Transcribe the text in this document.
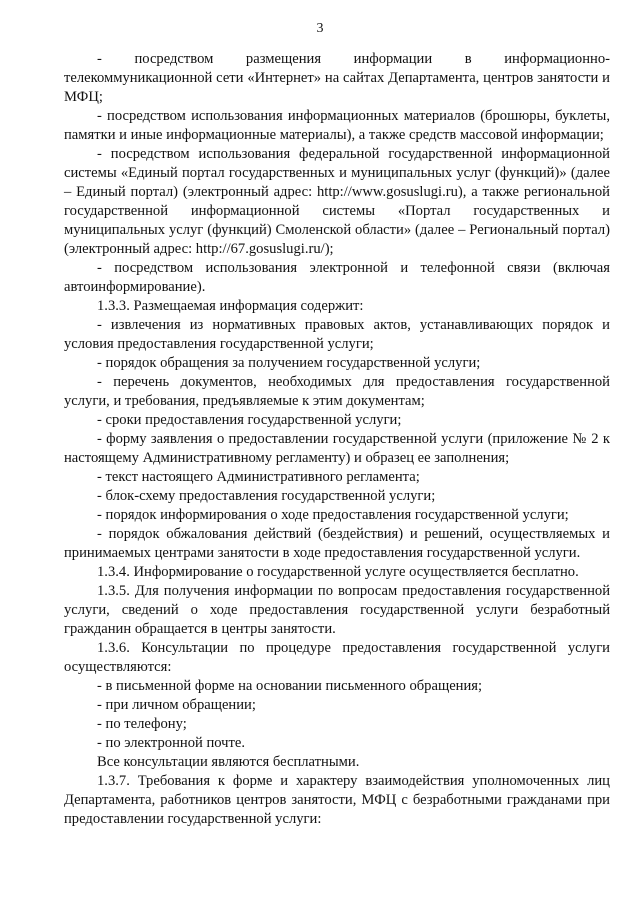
3

- посредством размещения информации в информационно-телекоммуникационной сети «Интернет» на сайтах Департамента, центров занятости и МФЦ;

- посредством использования информационных материалов (брошюры, буклеты, памятки и иные информационные материалы), а также средств массовой информации;

- посредством использования федеральной государственной информационной системы «Единый портал государственных и муниципальных услуг (функций)» (далее – Единый портал) (электронный адрес: http://www.gosuslugi.ru), а также региональной государственной информационной системы «Портал государственных и муниципальных услуг (функций) Смоленской области» (далее – Региональный портал) (электронный адрес: http://67.gosuslugi.ru/);

- посредством использования электронной и телефонной связи (включая автоинформирование).

1.3.3. Размещаемая информация содержит:

- извлечения из нормативных правовых актов, устанавливающих порядок и условия предоставления государственной услуги;

- порядок обращения за получением государственной услуги;

- перечень документов, необходимых для предоставления государственной услуги, и требования, предъявляемые к этим документам;

- сроки предоставления государственной услуги;

- форму заявления о предоставлении государственной услуги (приложение № 2 к настоящему Административному регламенту) и образец ее заполнения;

- текст настоящего Административного регламента;

- блок-схему предоставления государственной услуги;

- порядок информирования о ходе предоставления государственной услуги;

- порядок обжалования действий (бездействия) и решений, осуществляемых и принимаемых центрами занятости в ходе предоставления государственной услуги.

1.3.4. Информирование о государственной услуге осуществляется бесплатно.

1.3.5. Для получения информации по вопросам предоставления государственной услуги, сведений о ходе предоставления государственной услуги безработный гражданин обращается в центры занятости.

1.3.6. Консультации по процедуре предоставления государственной услуги осуществляются:

- в письменной форме на основании письменного обращения;

- при личном обращении;

- по телефону;

- по электронной почте.

Все консультации являются бесплатными.

1.3.7. Требования к форме и характеру взаимодействия уполномоченных лиц Департамента, работников центров занятости, МФЦ с безработными гражданами при предоставлении государственной услуги:
